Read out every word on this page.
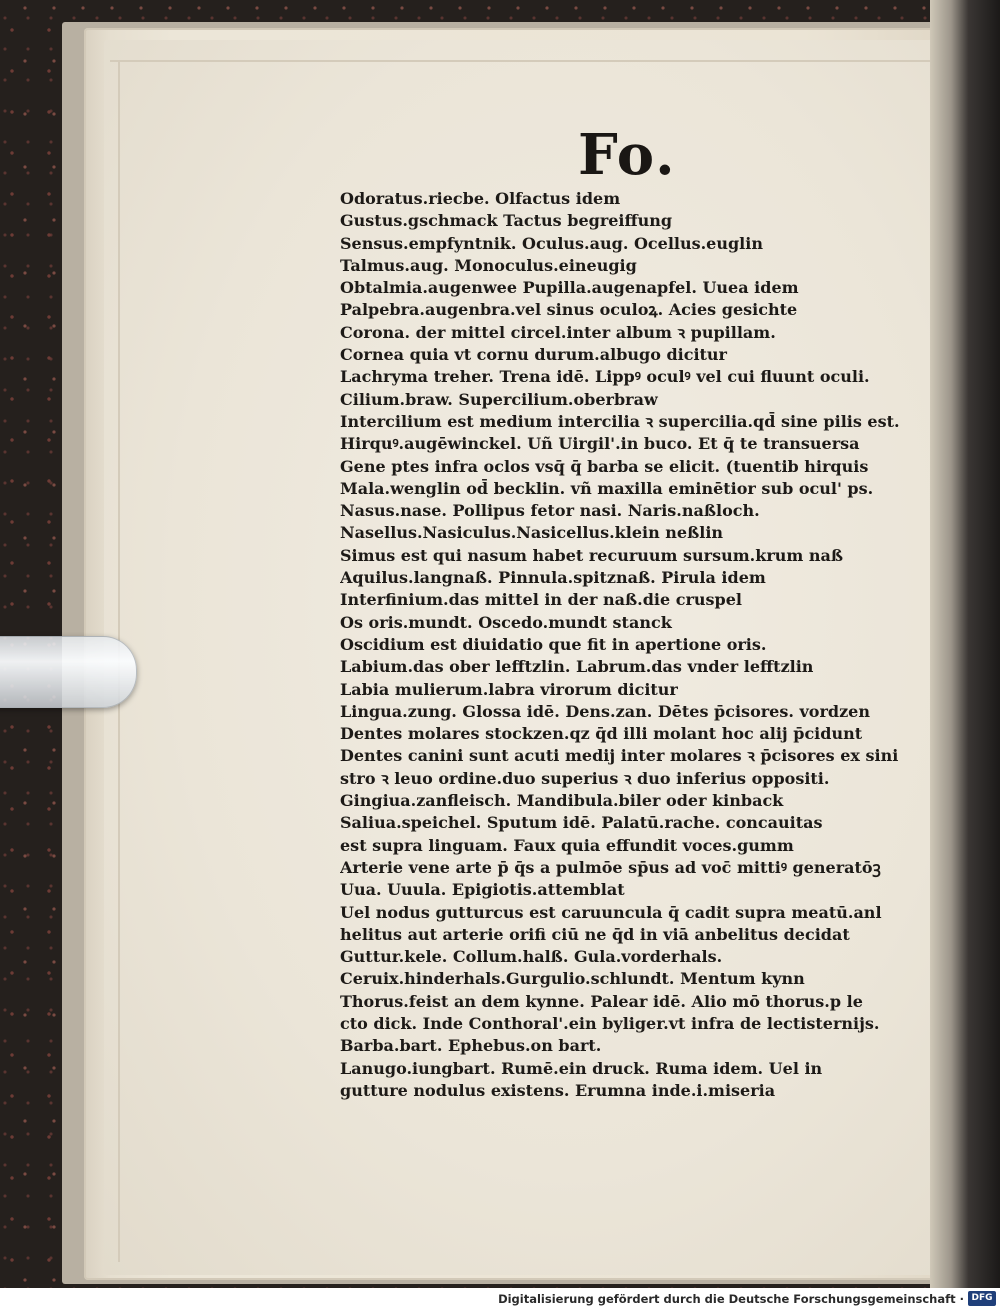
Fo.
Odoratus.riecbe. Olfactus idem
Gustus.gschmack Tactus begreiffung
Sensus.empfyntnik. Oculus.aug. Ocellus.euglin
Talmus.aug. Monoculus.eineugig
Obtalmia.augenwee Pupilla.augenapfel. Uuea idem
Palpebra.augenbra.vel sinus oculoꝝ. Acies gesichte
Corona. der mittel circel.inter album ꝛ pupillam.
Cornea quia vt cornu durum.albugo dicitur
Lachryma treher. Trena idē. Lippꝰ oculꝰ vel cui fluunt oculi.
Cilium.braw. Supercilium.oberbraw
Intercilium est medium intercilia ꝛ supercilia.qd̄ sine pilis est.
Hirquꝰ.augēwinckel. Uñ Uirgil'.in buco. Et q̄ te transuersa
Gene ptes infra oclos vsq̄ q̄ barba se elicit. (tuentib hirquis
Mala.wenglin od̄ becklin. vñ maxilla eminētior sub ocul' ps.
Nasus.nase. Pollipus fetor nasi. Naris.naßloch.
Nasellus.Nasiculus.Nasicellus.klein neßlin
Simus est qui nasum habet recuruum sursum.krum naß
Aquilus.langnaß. Pinnula.spitznaß. Pirula idem
Interfinium.das mittel in der naß.die cruspel
Os oris.mundt. Oscedo.mundt stanck
Oscidium est diuidatio que fit in apertione oris.
Labium.das ober lefftzlin. Labrum.das vnder lefftzlin
Labia mulierum.labra virorum dicitur
Lingua.zung. Glossa idē. Dens.zan. Dētes p̄cisores. vordzen
Dentes molares stockzen.qz q̄d illi molant hoc alij p̄cidunt
Dentes canini sunt acuti medij inter molares ꝛ p̄cisores ex sini
stro ꝛ leuo ordine.duo superius ꝛ duo inferius oppositi.
Gingiua.zanfleisch. Mandibula.biler oder kinback
Saliua.speichel. Sputum idē. Palatū.rache. concauitas
est supra linguam. Faux quia effundit voces.gumm
Arterie vene arte p̄ q̄s a pulmōe sp̄us ad voc̄ mittiꝰ generatōꝫ
Uua. Uuula. Epigiotis.attemblat
Uel nodus gutturcus est caruuncula q̄ cadit supra meatū.anl
helitus aut arterie orifi ciū ne q̄d in viā anbelitus decidat
Guttur.kele. Collum.halß. Gula.vorderhals.
Ceruix.hinderhals.Gurgulio.schlundt. Mentum kynn
Thorus.feist an dem kynne. Palear idē. Alio mō thorus.p le
cto dick. Inde Conthoral'.ein byliger.vt infra de lectisternijs.
Barba.bart. Ephebus.on bart.
Lanugo.iungbart. Rumē.ein druck. Ruma idem. Uel in
gutture nodulus existens. Erumna inde.i.miseria
Digitalisierung gefördert durch die Deutsche Forschungsgemeinschaft · DFG
